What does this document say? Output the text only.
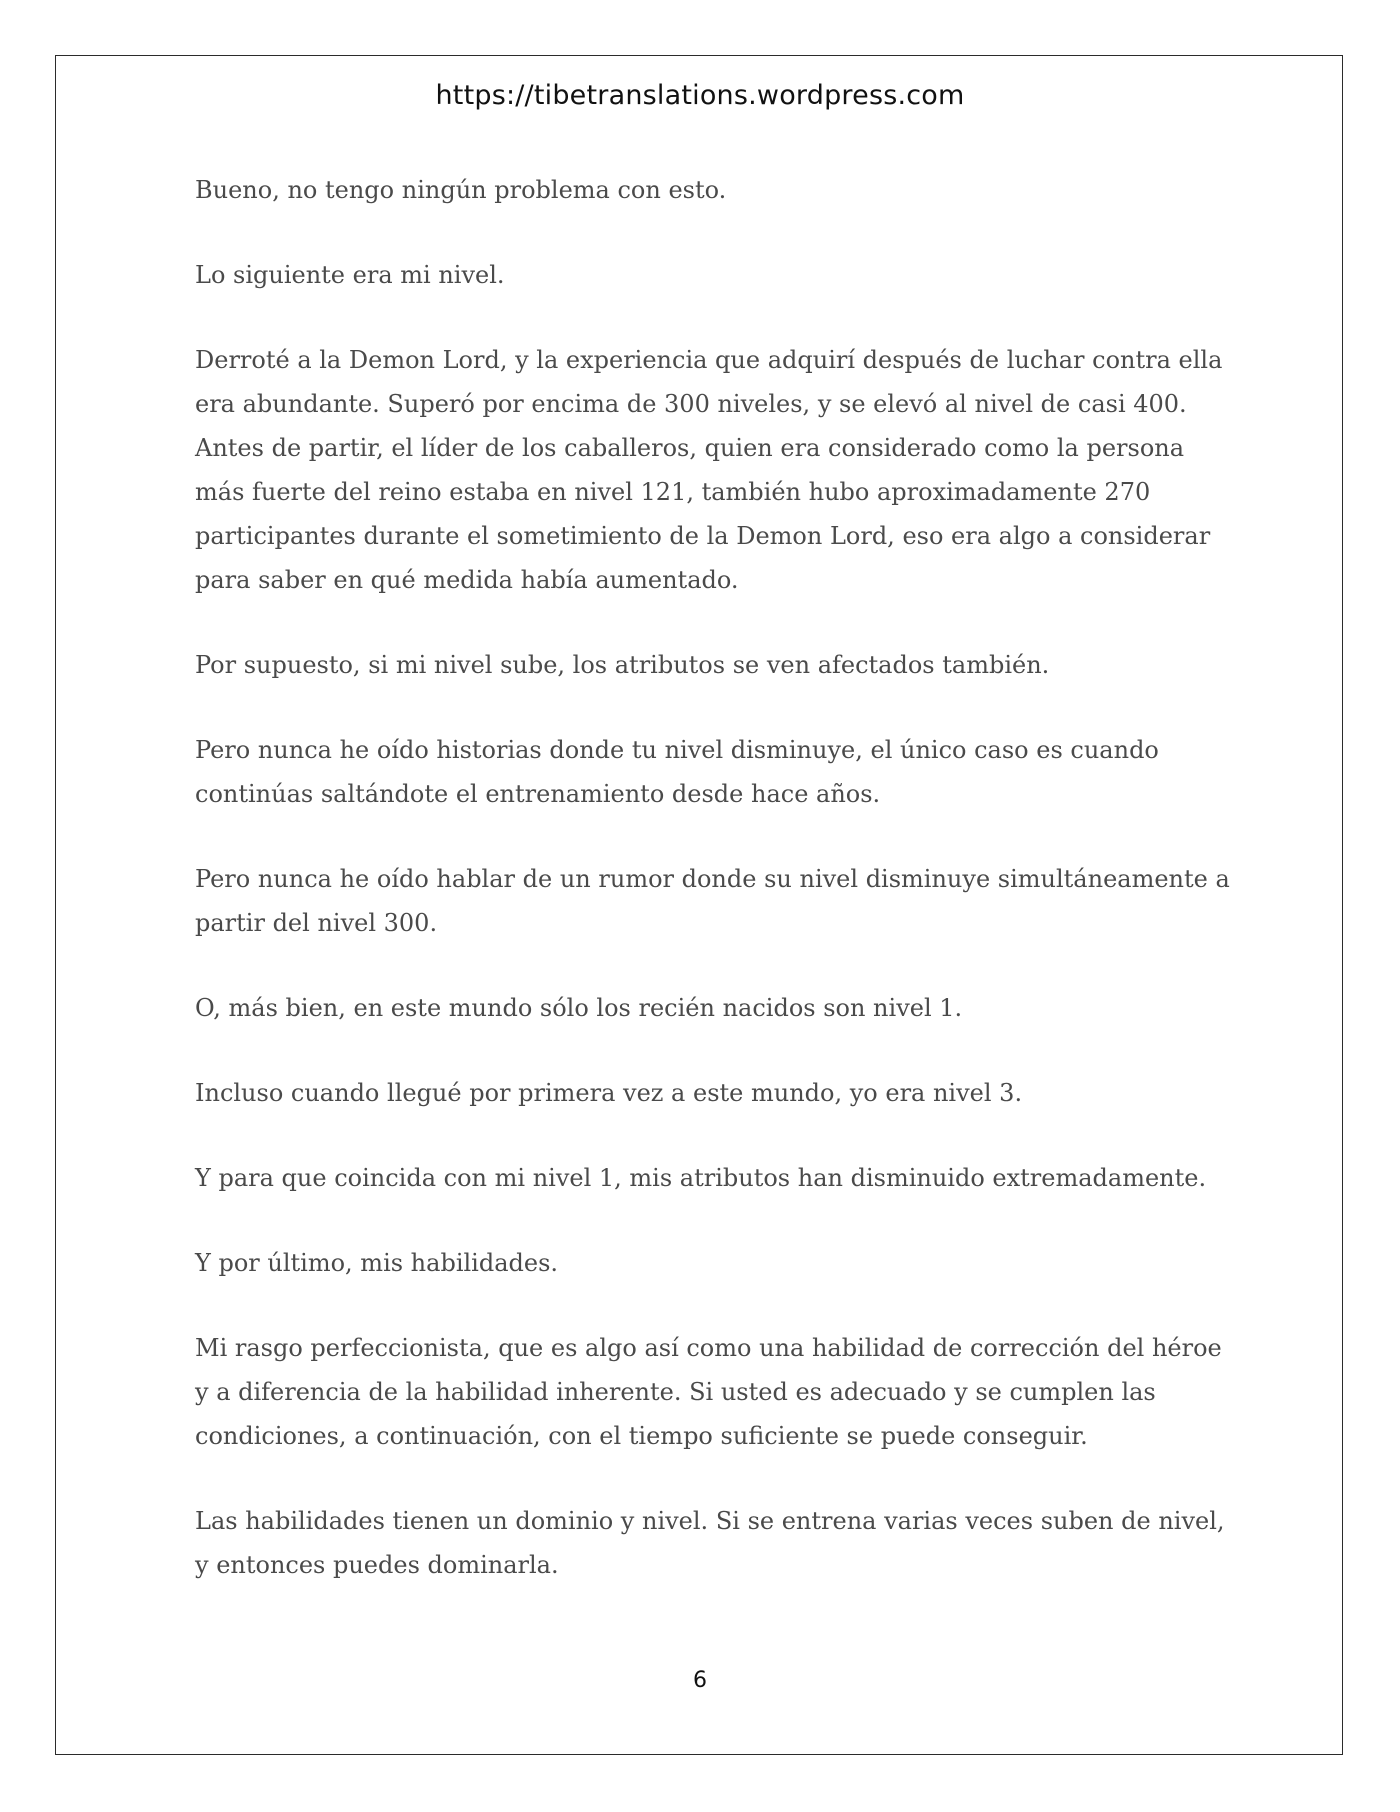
https://tibetranslations.wordpress.com

Bueno, no tengo ningún problema con esto.

Lo siguiente era mi nivel.

Derroté a la Demon Lord, y la experiencia que adquirí después de luchar contra ella era abundante. Superó por encima de 300 niveles, y se elevó al nivel de casi 400. Antes de partir, el líder de los caballeros, quien era considerado como la persona más fuerte del reino estaba en nivel 121, también hubo aproximadamente 270 participantes durante el sometimiento de la Demon Lord, eso era algo a considerar para saber en qué medida había aumentado.

Por supuesto, si mi nivel sube, los atributos se ven afectados también.

Pero nunca he oído historias donde tu nivel disminuye, el único caso es cuando continúas saltándote el entrenamiento desde hace años.

Pero nunca he oído hablar de un rumor donde su nivel disminuye simultáneamente a partir del nivel 300.

O, más bien, en este mundo sólo los recién nacidos son nivel 1.

Incluso cuando llegué por primera vez a este mundo, yo era nivel 3.

Y para que coincida con mi nivel 1, mis atributos han disminuido extremadamente.

Y por último, mis habilidades.

Mi rasgo perfeccionista, que es algo así como una habilidad de corrección del héroe y a diferencia de la habilidad inherente. Si usted es adecuado y se cumplen las condiciones, a continuación, con el tiempo suficiente se puede conseguir.

Las habilidades tienen un dominio y nivel. Si se entrena varias veces suben de nivel, y entonces puedes dominarla.

6
